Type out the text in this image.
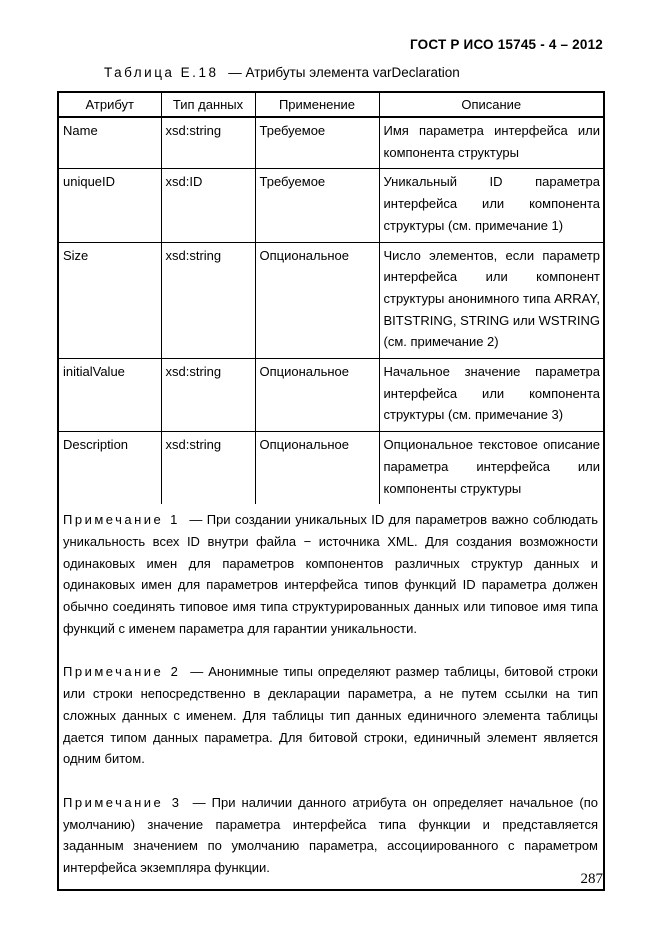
ГОСТ Р ИСО 15745 - 4 – 2012
Таблица Е.18 — Атрибуты элемента varDeclaration
Атрибут	Тип данных	Применение	Описание
Name	xsd:string	Требуемое	Имя параметра интерфейса или компонента структуры
uniqueID	xsd:ID	Требуемое	Уникальный ID параметра интерфейса или компонента структуры (см. примечание 1)
Size	xsd:string	Опциональное	Число элементов, если параметр интерфейса или компонент структуры анонимного типа ARRAY, BITSTRING, STRING или WSTRING (см. примечание 2)
initialValue	xsd:string	Опциональное	Начальное значение параметра интерфейса или компонента структуры (см. примечание 3)
Description	xsd:string	Опциональное	Опциональное текстовое описание параметра интерфейса или компоненты структуры

Примечание 1 — При создании уникальных ID для параметров важно соблюдать уникальность всех ID внутри файла − источника XML. Для создания возможности одинаковых имен для параметров компонентов различных структур данных и одинаковых имен для параметров интерфейса типов функций ID параметра должен обычно соединять типовое имя типа структурированных данных или типовое имя типа функций с именем параметра для гарантии уникальности.

Примечание 2 — Анонимные типы определяют размер таблицы, битовой строки или строки непосредственно в декларации параметра, а не путем ссылки на тип сложных данных с именем. Для таблицы тип данных единичного элемента таблицы дается типом данных параметра. Для битовой строки, единичный элемент является одним битом.

Примечание 3 — При наличии данного атрибута он определяет начальное (по умолчанию) значение параметра интерфейса типа функции и представляется заданным значением по умолчанию параметра, ассоциированного с параметром интерфейса экземпляра функции.			

287
